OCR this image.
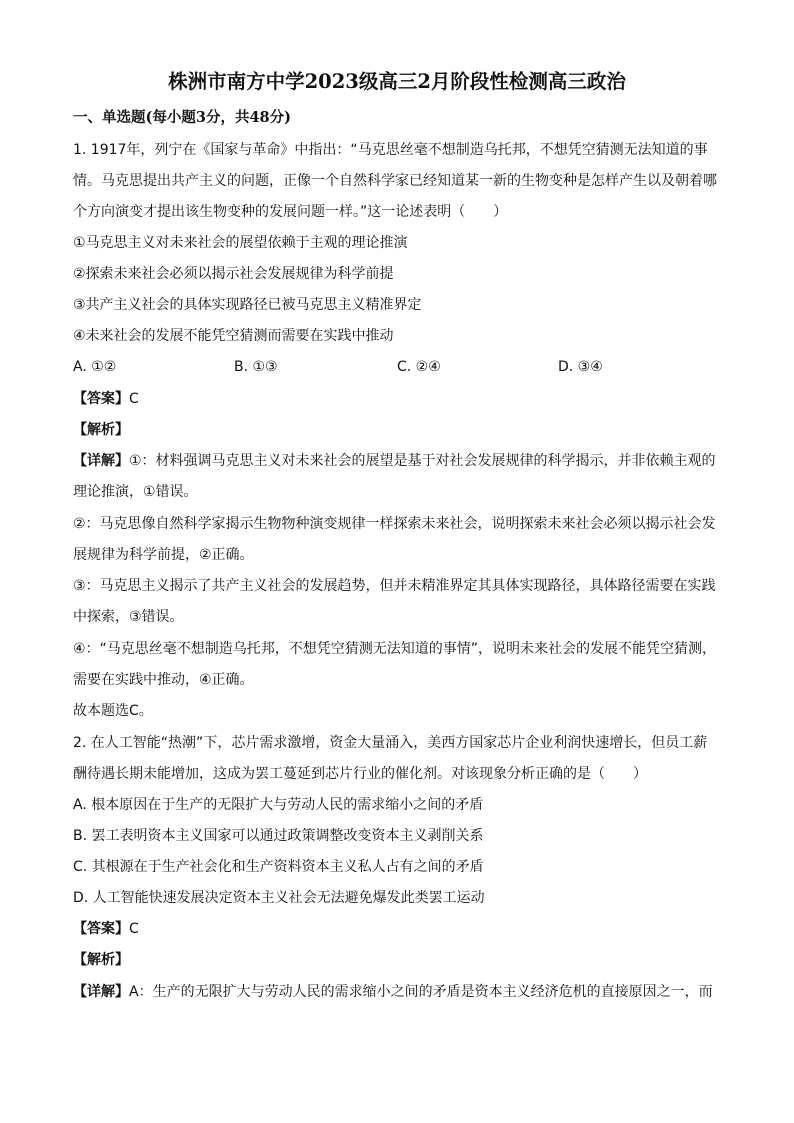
株洲市南方中学2023级高三2月阶段性检测高三政治
一、单选题(每小题3分，共48分)
1. 1917年，列宁在《国家与革命》中指出：“马克思丝毫不想制造乌托邦，不想凭空猜测无法知道的事
情。马克思提出共产主义的问题，正像一个自然科学家已经知道某一新的生物变种是怎样产生以及朝着哪
个方向演变才提出该生物变种的发展问题一样。”这一论述表明（　　）
①马克思主义对未来社会的展望依赖于主观的理论推演
②探索未来社会必须以揭示社会发展规律为科学前提
③共产主义社会的具体实现路径已被马克思主义精准界定
④未来社会的发展不能凭空猜测而需要在实践中推动
A. ①②	B. ①③	C. ②④	D. ③④
【答案】C
【解析】
【详解】①：材料强调马克思主义对未来社会的展望是基于对社会发展规律的科学揭示，并非依赖主观的
理论推演，①错误。
②：马克思像自然科学家揭示生物物种演变规律一样探索未来社会，说明探索未来社会必须以揭示社会发
展规律为科学前提，②正确。
③：马克思主义揭示了共产主义社会的发展趋势，但并未精准界定其具体实现路径，具体路径需要在实践
中探索，③错误。
④：“马克思丝毫不想制造乌托邦，不想凭空猜测无法知道的事情”，说明未来社会的发展不能凭空猜测，
需要在实践中推动，④正确。
故本题选C。
2. 在人工智能“热潮”下，芯片需求激增，资金大量涌入，美西方国家芯片企业利润快速增长，但员工薪
酬待遇长期未能增加，这成为罢工蔓延到芯片行业的催化剂。对该现象分析正确的是（　　）
A. 根本原因在于生产的无限扩大与劳动人民的需求缩小之间的矛盾
B. 罢工表明资本主义国家可以通过政策调整改变资本主义剥削关系
C. 其根源在于生产社会化和生产资料资本主义私人占有之间的矛盾
D. 人工智能快速发展决定资本主义社会无法避免爆发此类罢工运动
【答案】C
【解析】
【详解】A：生产的无限扩大与劳动人民的需求缩小之间的矛盾是资本主义经济危机的直接原因之一，而
